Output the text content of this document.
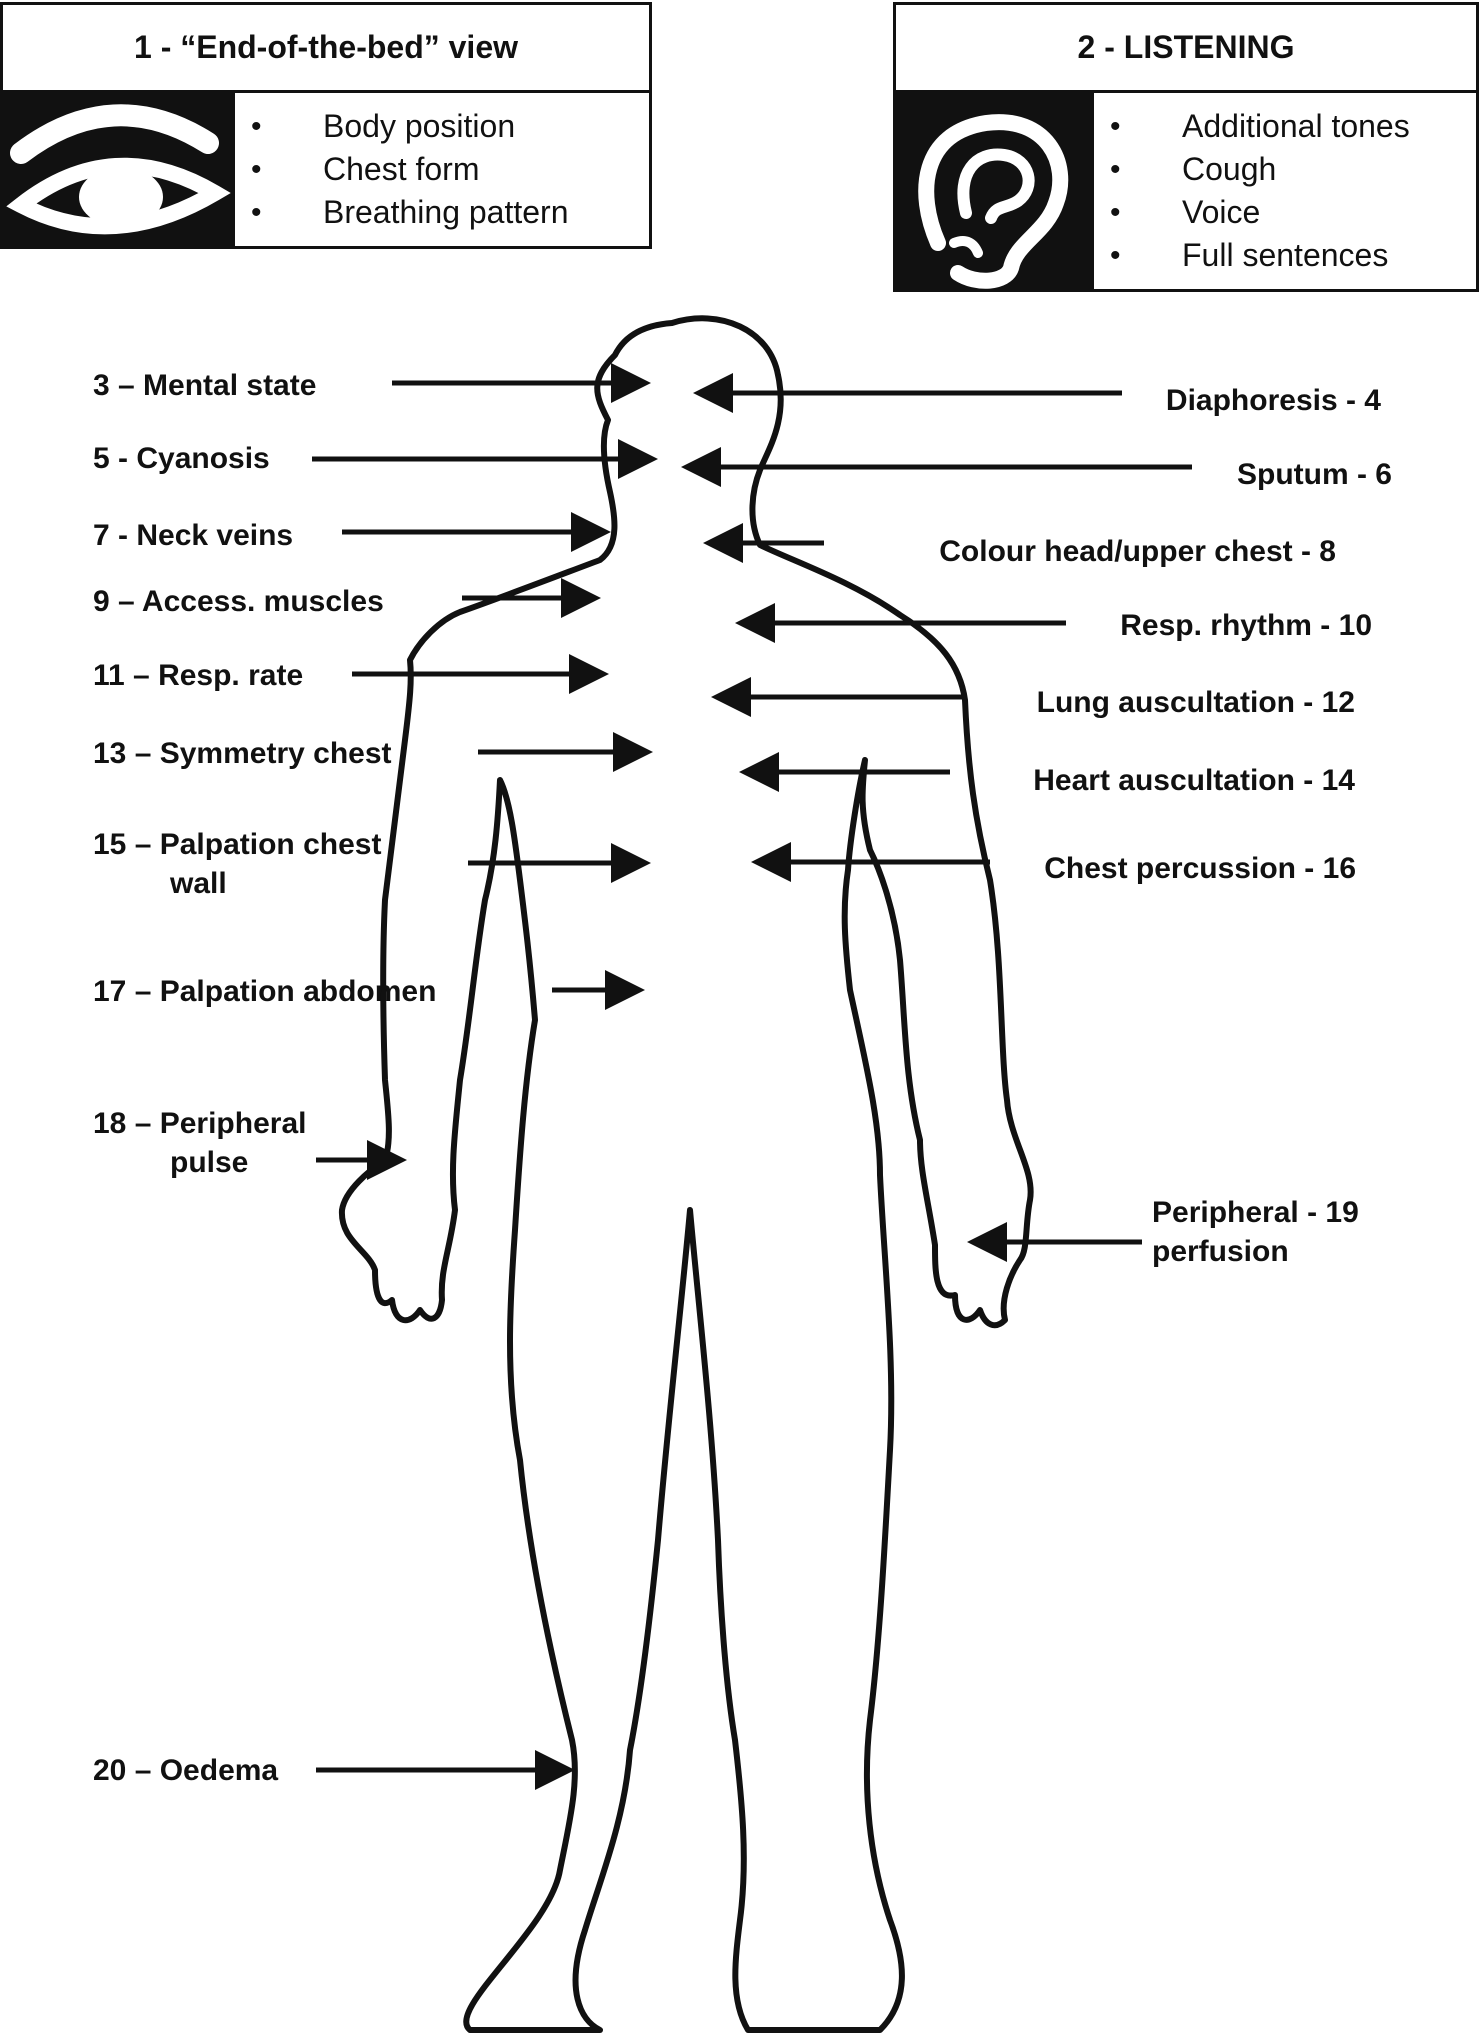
1 - “End-of-the-bed” view
• Body position
• Chest form
• Breathing pattern
2 - LISTENING
• Additional tones
• Cough
• Voice
• Full sentences
3 – Mental state
5 - Cyanosis
7 - Neck veins
9 – Access. muscles
11 – Resp. rate
13 – Symmetry chest
15 – Palpation chest
wall
17 – Palpation abdomen
18 – Peripheral
pulse
20 – Oedema
Diaphoresis - 4
Sputum - 6
Colour head/upper chest - 8
Resp. rhythm - 10
Lung auscultation - 12
Heart auscultation - 14
Chest percussion - 16
Peripheral - 19
perfusion
